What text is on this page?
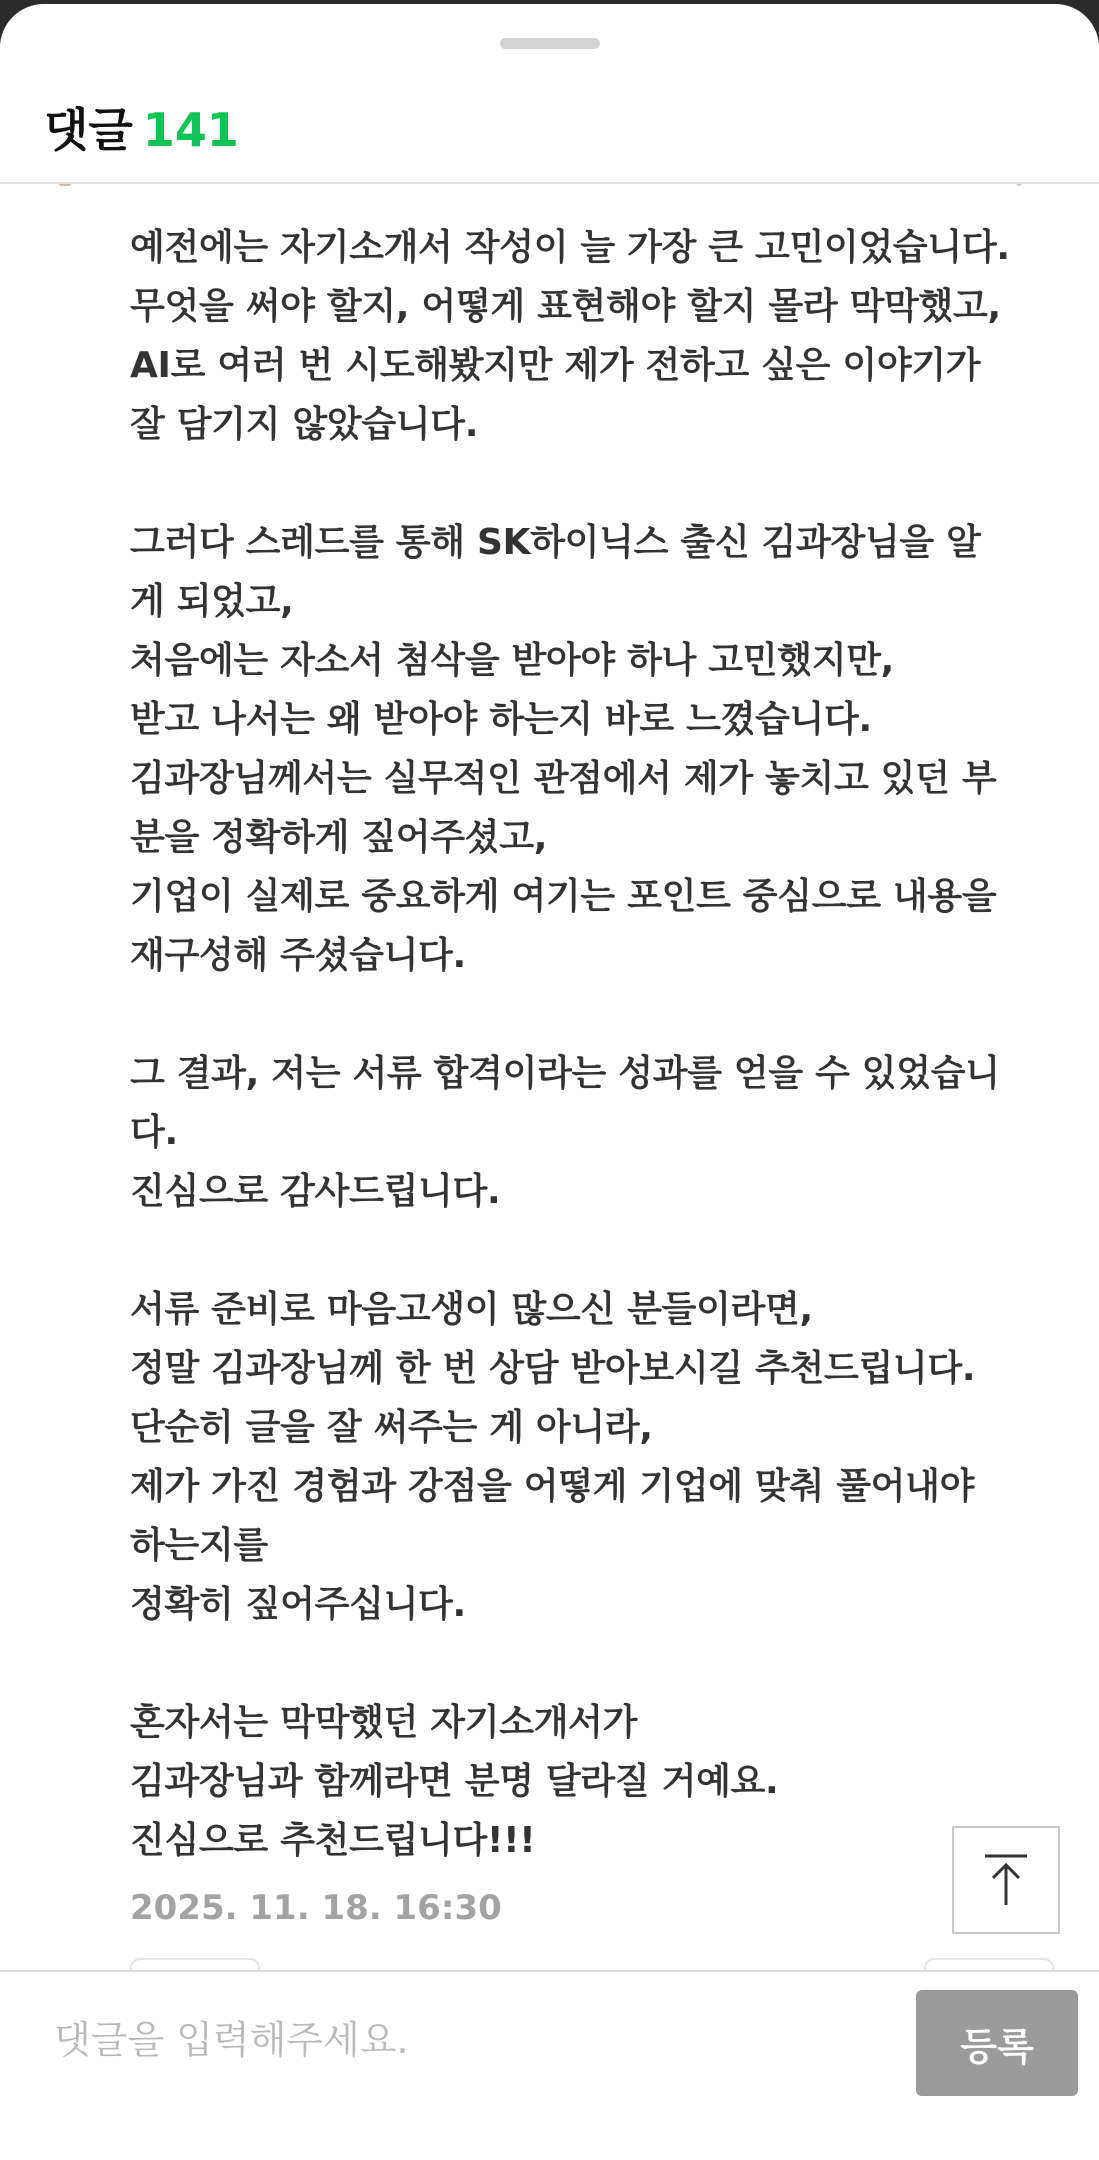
댓글 141
예전에는 자기소개서 작성이 늘 가장 큰 고민이었습니다.
무엇을 써야 할지, 어떻게 표현해야 할지 몰라 막막했고,
AI로 여러 번 시도해봤지만 제가 전하고 싶은 이야기가
잘 담기지 않았습니다.
그러다 스레드를 통해 SK하이닉스 출신 김과장님을 알
게 되었고,
처음에는 자소서 첨삭을 받아야 하나 고민했지만,
받고 나서는 왜 받아야 하는지 바로 느꼈습니다.
김과장님께서는 실무적인 관점에서 제가 놓치고 있던 부
분을 정확하게 짚어주셨고,
기업이 실제로 중요하게 여기는 포인트 중심으로 내용을
재구성해 주셨습니다.
그 결과, 저는 서류 합격이라는 성과를 얻을 수 있었습니
다.
진심으로 감사드립니다.
서류 준비로 마음고생이 많으신 분들이라면,
정말 김과장님께 한 번 상담 받아보시길 추천드립니다.
단순히 글을 잘 써주는 게 아니라,
제가 가진 경험과 강점을 어떻게 기업에 맞춰 풀어내야
하는지를
정확히 짚어주십니다.
혼자서는 막막했던 자기소개서가
김과장님과 함께라면 분명 달라질 거예요.
진심으로 추천드립니다!!!
2025. 11. 18. 16:30
댓글을 입력해주세요.
등록
